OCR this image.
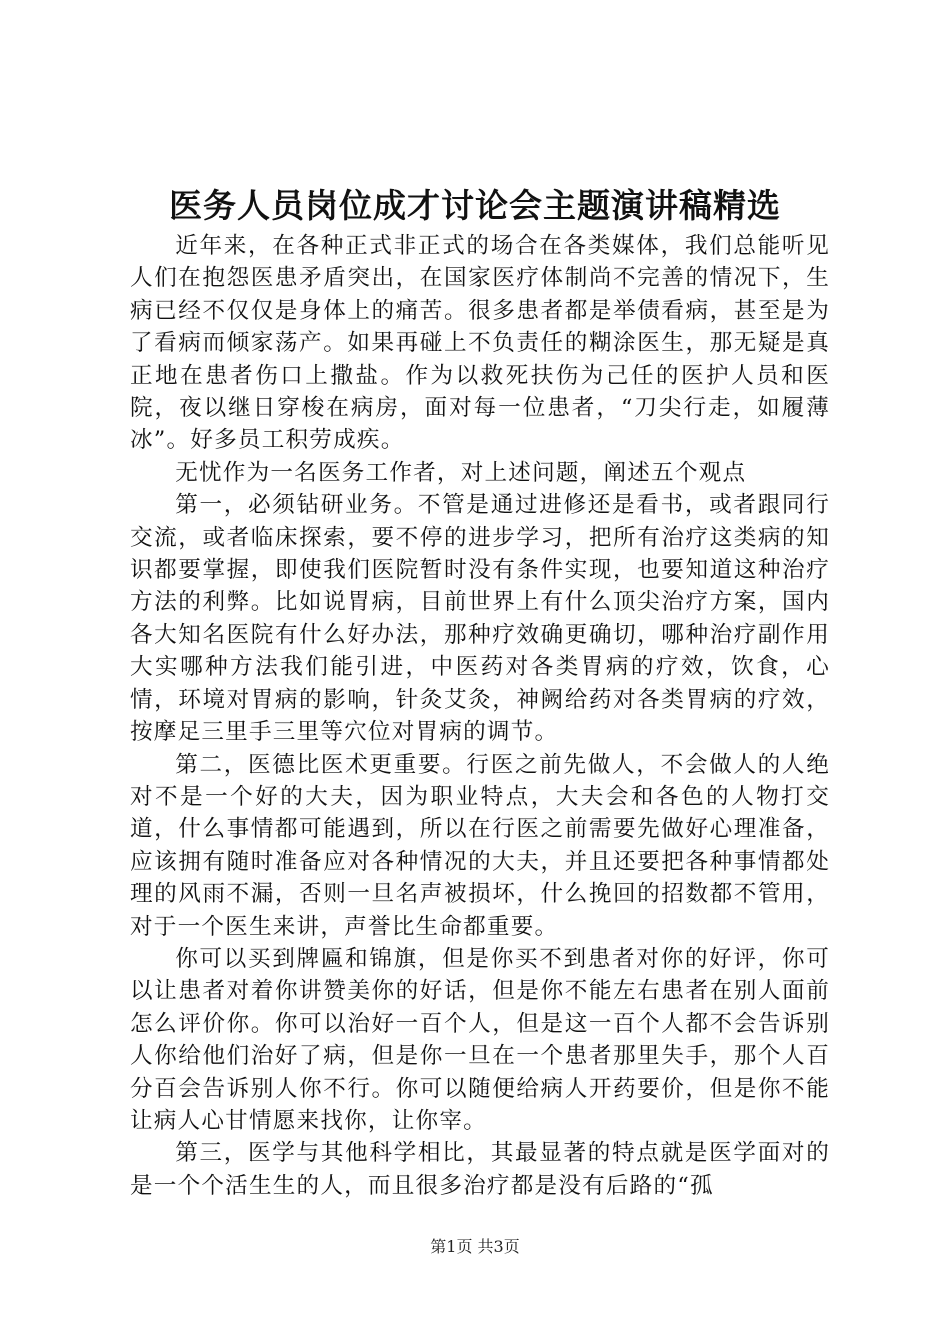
医务人员岗位成才讨论会主题演讲稿精选

近年来，在各种正式非正式的场合在各类媒体，我们总能听见人们在抱怨医患矛盾突出，在国家医疗体制尚不完善的情况下，生病已经不仅仅是身体上的痛苦。很多患者都是举债看病，甚至是为了看病而倾家荡产。如果再碰上不负责任的糊涂医生，那无疑是真正地在患者伤口上撒盐。作为以救死扶伤为己任的医护人员和医院，夜以继日穿梭在病房，面对每一位患者，“刀尖行走，如履薄冰”。好多员工积劳成疾。

无忧作为一名医务工作者，对上述问题，阐述五个观点

第一，必须钻研业务。不管是通过进修还是看书，或者跟同行交流，或者临床探索，要不停的进步学习，把所有治疗这类病的知识都要掌握，即使我们医院暂时没有条件实现，也要知道这种治疗方法的利弊。比如说胃病，目前世界上有什么顶尖治疗方案，国内各大知名医院有什么好办法，那种疗效确更确切，哪种治疗副作用大实哪种方法我们能引进，中医药对各类胃病的疗效，饮食，心情，环境对胃病的影响，针灸艾灸，神阙给药对各类胃病的疗效，按摩足三里手三里等穴位对胃病的调节。

第二，医德比医术更重要。行医之前先做人，不会做人的人绝对不是一个好的大夫，因为职业特点，大夫会和各色的人物打交道，什么事情都可能遇到，所以在行医之前需要先做好心理准备，应该拥有随时准备应对各种情况的大夫，并且还要把各种事情都处理的风雨不漏，否则一旦名声被损坏，什么挽回的招数都不管用，对于一个医生来讲，声誉比生命都重要。

你可以买到牌匾和锦旗，但是你买不到患者对你的好评，你可以让患者对着你讲赞美你的好话，但是你不能左右患者在别人面前怎么评价你。你可以治好一百个人，但是这一百个人都不会告诉别人你给他们治好了病，但是你一旦在一个患者那里失手，那个人百分百会告诉别人你不行。你可以随便给病人开药要价，但是你不能让病人心甘情愿来找你，让你宰。

第三，医学与其他科学相比，其最显著的特点就是医学面对的是一个个活生生的人，而且很多治疗都是没有后路的“孤

第1页 共3页
